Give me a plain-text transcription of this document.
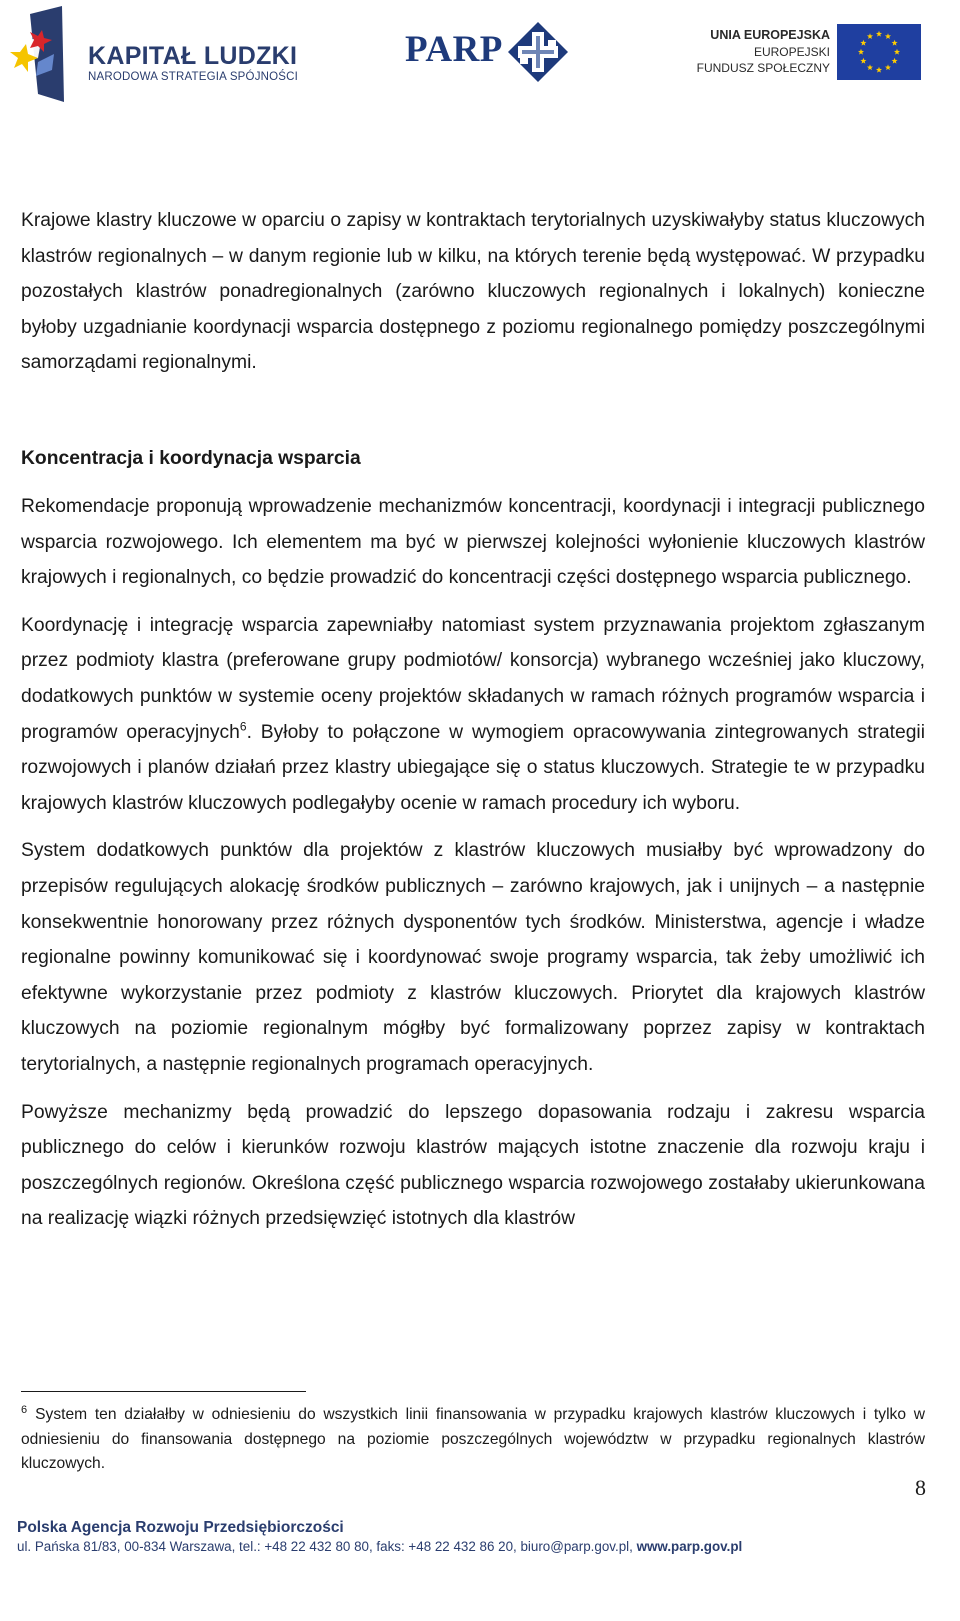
KAPITAŁ LUDZKI
NARODOWA STRATEGIA SPÓJNOŚCI
PARP	UNIA EUROPEJSKA
EUROPEJSKI
FUNDUSZ SPOŁECZNY

Krajowe klastry kluczowe w oparciu o zapisy w kontraktach terytorialnych uzyskiwałyby status kluczowych klastrów regionalnych – w danym regionie lub w kilku, na których terenie będą występować. W przypadku pozostałych klastrów ponadregionalnych (zarówno kluczowych regionalnych i lokalnych) konieczne byłoby uzgadnianie koordynacji wsparcia dostępnego z poziomu regionalnego pomiędzy poszczególnymi samorządami regionalnymi.

Koncentracja i koordynacja wsparcia

Rekomendacje proponują wprowadzenie mechanizmów koncentracji, koordynacji i integracji publicznego wsparcia rozwojowego. Ich elementem ma być w pierwszej kolejności wyłonienie kluczowych klastrów krajowych i regionalnych, co będzie prowadzić do koncentracji części dostępnego wsparcia publicznego.

Koordynację i integrację wsparcia zapewniałby natomiast system przyznawania projektom zgłaszanym przez podmioty klastra (preferowane grupy podmiotów/ konsorcja) wybranego wcześniej jako kluczowy, dodatkowych punktów w systemie oceny projektów składanych w ramach różnych programów wsparcia i programów operacyjnych$^6$. Byłoby to połączone w wymogiem opracowywania zintegrowanych strategii rozwojowych i planów działań przez klastry ubiegające się o status kluczowych. Strategie te w przypadku krajowych klastrów kluczowych podlegałyby ocenie w ramach procedury ich wyboru.

System dodatkowych punktów dla projektów z klastrów kluczowych musiałby być wprowadzony do przepisów regulujących alokację środków publicznych – zarówno krajowych, jak i unijnych – a następnie konsekwentnie honorowany przez różnych dysponentów tych środków. Ministerstwa, agencje i władze regionalne powinny komunikować się i koordynować swoje programy wsparcia, tak żeby umożliwić ich efektywne wykorzystanie przez podmioty z klastrów kluczowych. Priorytet dla krajowych klastrów kluczowych na poziomie regionalnym mógłby być formalizowany poprzez zapisy w kontraktach terytorialnych, a następnie regionalnych programach operacyjnych.

Powyższe mechanizmy będą prowadzić do lepszego dopasowania rodzaju i zakresu wsparcia publicznego do celów i kierunków rozwoju klastrów mających istotne znaczenie dla rozwoju kraju i poszczególnych regionów. Określona część publicznego wsparcia rozwojowego zostałaby ukierunkowana na realizację wiązki różnych przedsięwzięć istotnych dla klastrów

$^6$ System ten działałby w odniesieniu do wszystkich linii finansowania w przypadku krajowych klastrów kluczowych i tylko w odniesieniu do finansowania dostępnego na poziomie poszczególnych województw w przypadku regionalnych klastrów kluczowych.

8
Polska Agencja Rozwoju Przedsiębiorczości
ul. Pańska 81/83, 00-834 Warszawa, tel.: +48 22 432 80 80, faks: +48 22 432 86 20, biuro@parp.gov.pl, www.parp.gov.pl
